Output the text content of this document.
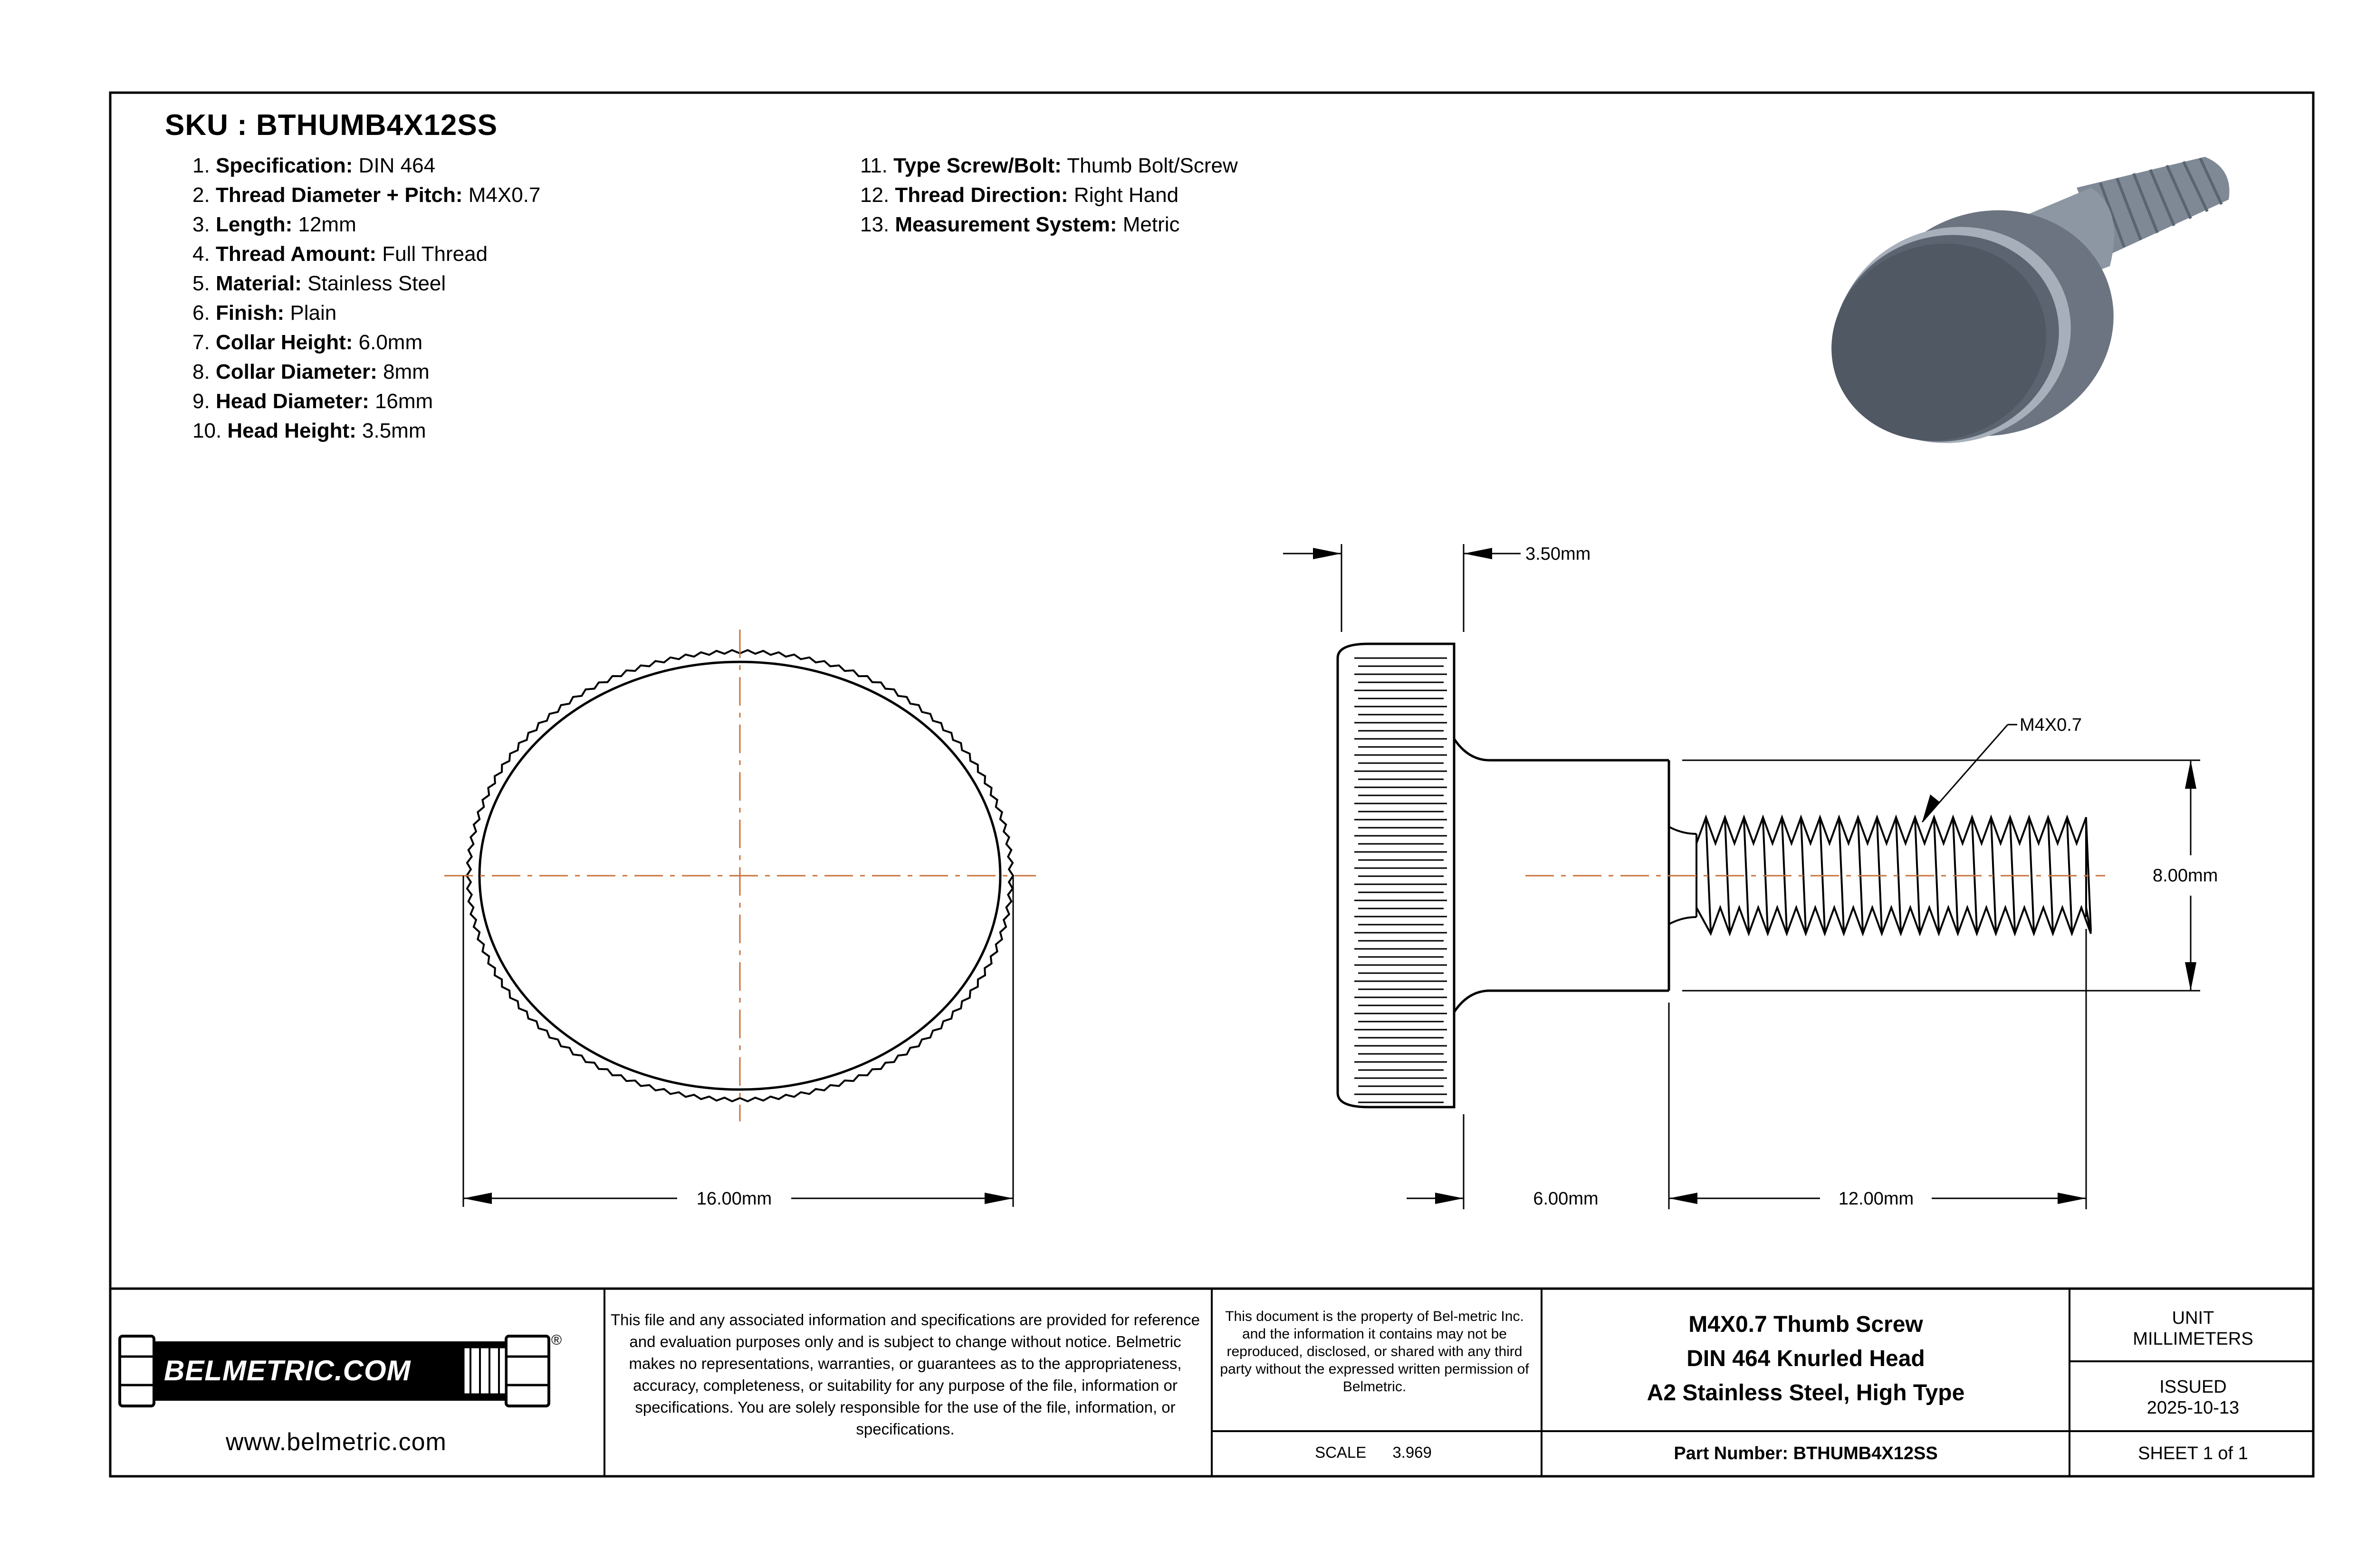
®
16.00mm
3.50mm
M4X0.7
8.00mm
6.00mm	12.00mm
SKU : BTHUMB4X12SS
1. Specification: DIN 464
2. Thread Diameter + Pitch: M4X0.7
3. Length: 12mm
4. Thread Amount: Full Thread
5. Material: Stainless Steel
6. Finish: Plain
7. Collar Height: 6.0mm
8. Collar Diameter: 8mm
9. Head Diameter: 16mm
10. Head Height: 3.5mm
11. Type Screw/Bolt: Thumb Bolt/Screw
12. Thread Direction: Right Hand
13. Measurement System: Metric
BELMETRIC.COM
www.belmetric.com
This file and any associated information and specifications are provided for reference and evaluation purposes only and is subject to change without notice. Belmetric makes no representations, warranties, or guarantees as to the appropriateness, accuracy, completeness, or suitability for any purpose of the file, information or specifications. You are solely responsible for the use of the file, information, or specifications.
This document is the property of Bel-metric Inc. and the information it contains may not be reproduced, disclosed, or shared with any third party without the expressed written permission of Belmetric.
M4X0.7 Thumb Screw
DIN 464 Knurled Head
A2 Stainless Steel, High Type
SCALE 3.969	Part Number: BTHUMB4X12SS
UNIT
MILLIMETERS
ISSUED
2025-10-13
SHEET 1 of 1
